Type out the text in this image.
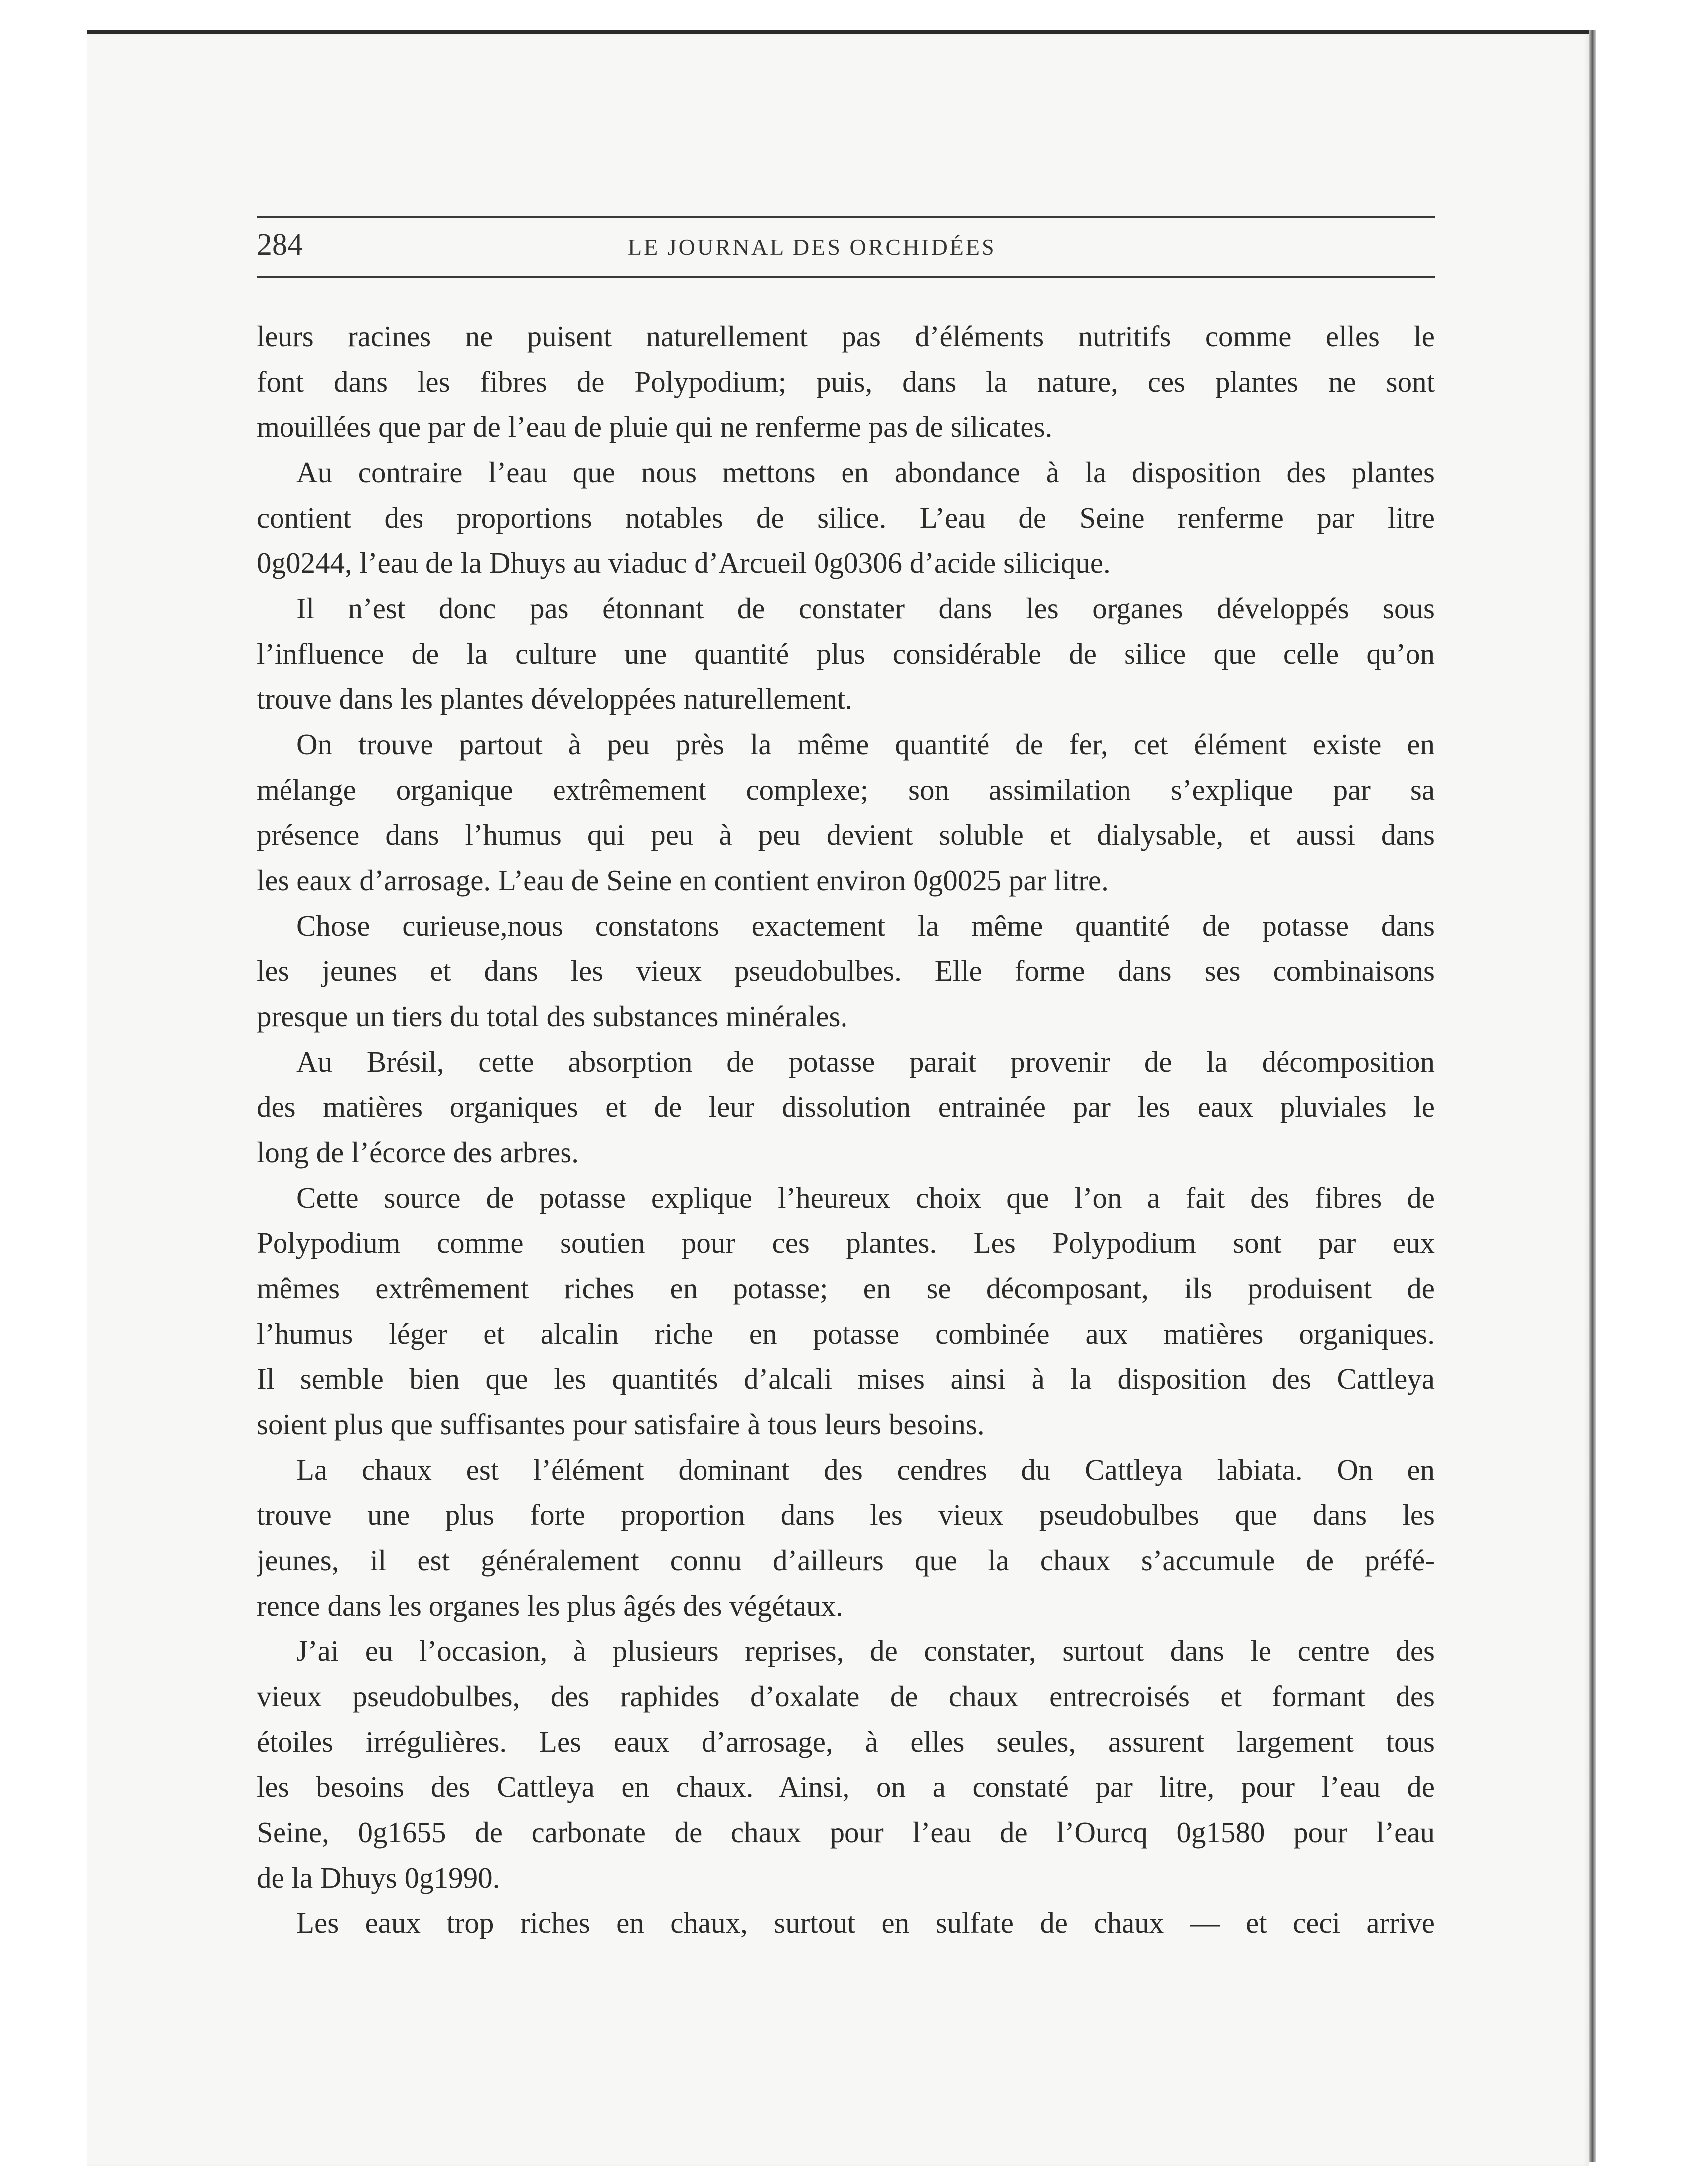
284	LE JOURNAL DES ORCHIDÉES
leurs racines ne puisent naturellement pas d’éléments nutritifs comme elles le
font dans les fibres de Polypodium; puis, dans la nature, ces plantes ne sont
mouillées que par de l’eau de pluie qui ne renferme pas de silicates.
Au contraire l’eau que nous mettons en abondance à la disposition des plantes
contient des proportions notables de silice. L’eau de Seine renferme par litre
0g0244, l’eau de la Dhuys au viaduc d’Arcueil 0g0306 d’acide silicique.
Il n’est donc pas étonnant de constater dans les organes développés sous
l’influence de la culture une quantité plus considérable de silice que celle qu’on
trouve dans les plantes développées naturellement.
On trouve partout à peu près la même quantité de fer, cet élément existe en
mélange organique extrêmement complexe; son assimilation s’explique par sa
présence dans l’humus qui peu à peu devient soluble et dialysable, et aussi dans
les eaux d’arrosage. L’eau de Seine en contient environ 0g0025 par litre.
Chose curieuse,nous constatons exactement la même quantité de potasse dans
les jeunes et dans les vieux pseudobulbes. Elle forme dans ses combinaisons
presque un tiers du total des substances minérales.
Au Brésil, cette absorption de potasse parait provenir de la décomposition
des matières organiques et de leur dissolution entrainée par les eaux pluviales le
long de l’écorce des arbres.
Cette source de potasse explique l’heureux choix que l’on a fait des fibres de
Polypodium comme soutien pour ces plantes. Les Polypodium sont par eux
mêmes extrêmement riches en potasse; en se décomposant, ils produisent de
l’humus léger et alcalin riche en potasse combinée aux matières organiques.
Il semble bien que les quantités d’alcali mises ainsi à la disposition des Cattleya
soient plus que suffisantes pour satisfaire à tous leurs besoins.
La chaux est l’élément dominant des cendres du Cattleya labiata. On en
trouve une plus forte proportion dans les vieux pseudobulbes que dans les
jeunes, il est généralement connu d’ailleurs que la chaux s’accumule de préfé-
rence dans les organes les plus âgés des végétaux.
J’ai eu l’occasion, à plusieurs reprises, de constater, surtout dans le centre des
vieux pseudobulbes, des raphides d’oxalate de chaux entrecroisés et formant des
étoiles irrégulières. Les eaux d’arrosage, à elles seules, assurent largement tous
les besoins des Cattleya en chaux. Ainsi, on a constaté par litre, pour l’eau de
Seine, 0g1655 de carbonate de chaux pour l’eau de l’Ourcq 0g1580 pour l’eau
de la Dhuys 0g1990.
Les eaux trop riches en chaux, surtout en sulfate de chaux — et ceci arrive
